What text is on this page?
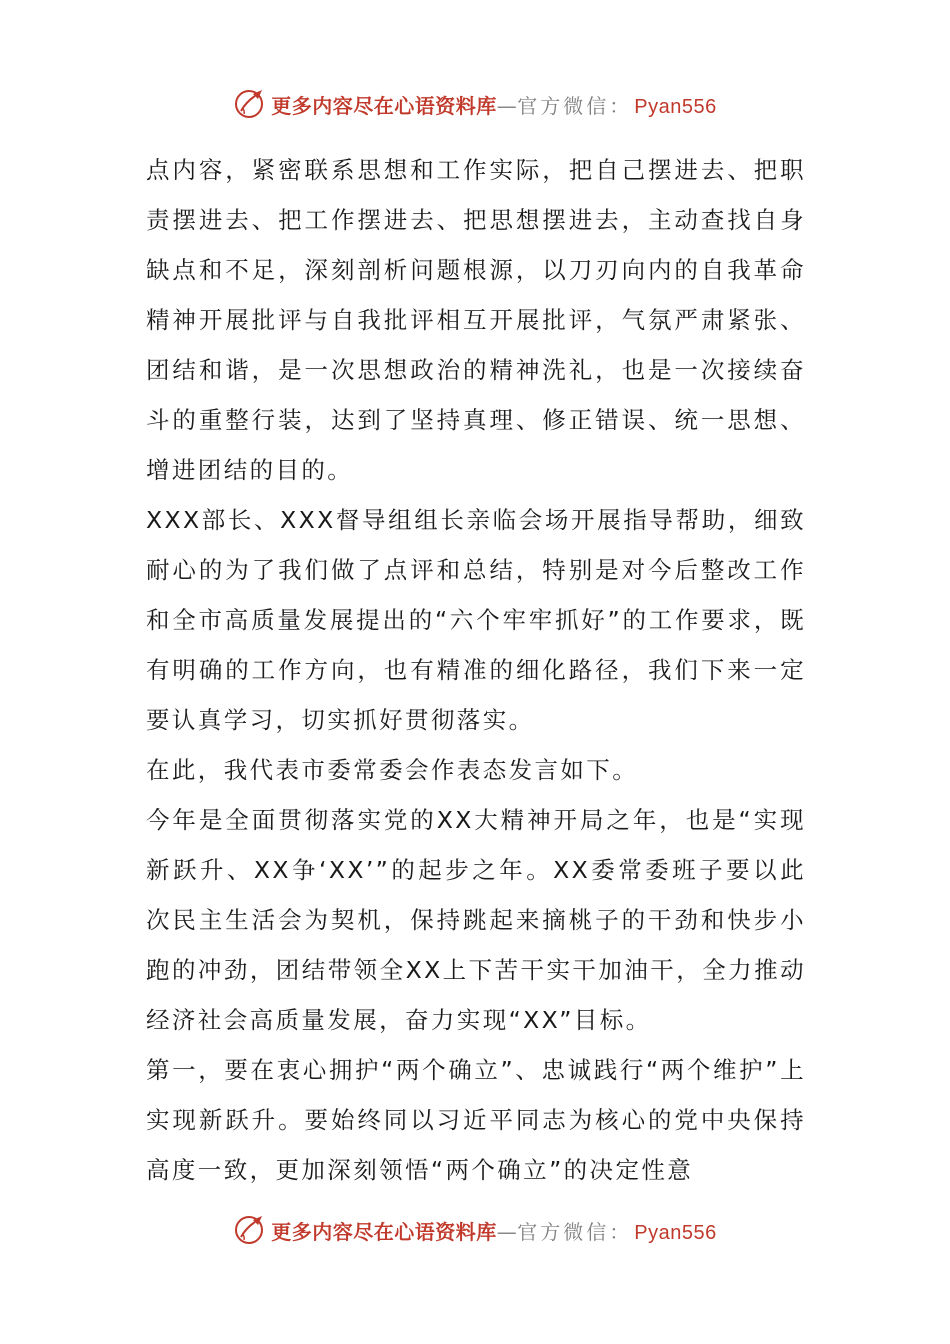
更多内容尽在心语资料库 — 官方微信： Pyan556

点内容，紧密联系思想和工作实际，把自己摆进去、把职责摆进去、把工作摆进去、把思想摆进去，主动查找自身缺点和不足，深刻剖析问题根源，以刀刃向内的自我革命精神开展批评与自我批评相互开展批评，气氛严肃紧张、团结和谐，是一次思想政治的精神洗礼，也是一次接续奋斗的重整行装，达到了坚持真理、修正错误、统一思想、增进团结的目的。

XXX部长、XXX督导组组长亲临会场开展指导帮助，细致耐心的为了我们做了点评和总结，特别是对今后整改工作和全市高质量发展提出的“六个牢牢抓好”的工作要求，既有明确的工作方向，也有精准的细化路径，我们下来一定要认真学习，切实抓好贯彻落实。

在此，我代表市委常委会作表态发言如下。

今年是全面贯彻落实党的XX大精神开局之年，也是“实现新跃升、XX争‘XX’”的起步之年。XX委常委班子要以此次民主生活会为契机，保持跳起来摘桃子的干劲和快步小跑的冲劲，团结带领全XX上下苦干实干加油干，全力推动经济社会高质量发展，奋力实现“XX”目标。

第一，要在衷心拥护“两个确立”、忠诚践行“两个维护”上实现新跃升。要始终同以习近平同志为核心的党中央保持高度一致，更加深刻领悟“两个确立”的决定性意

更多内容尽在心语资料库 — 官方微信： Pyan556
